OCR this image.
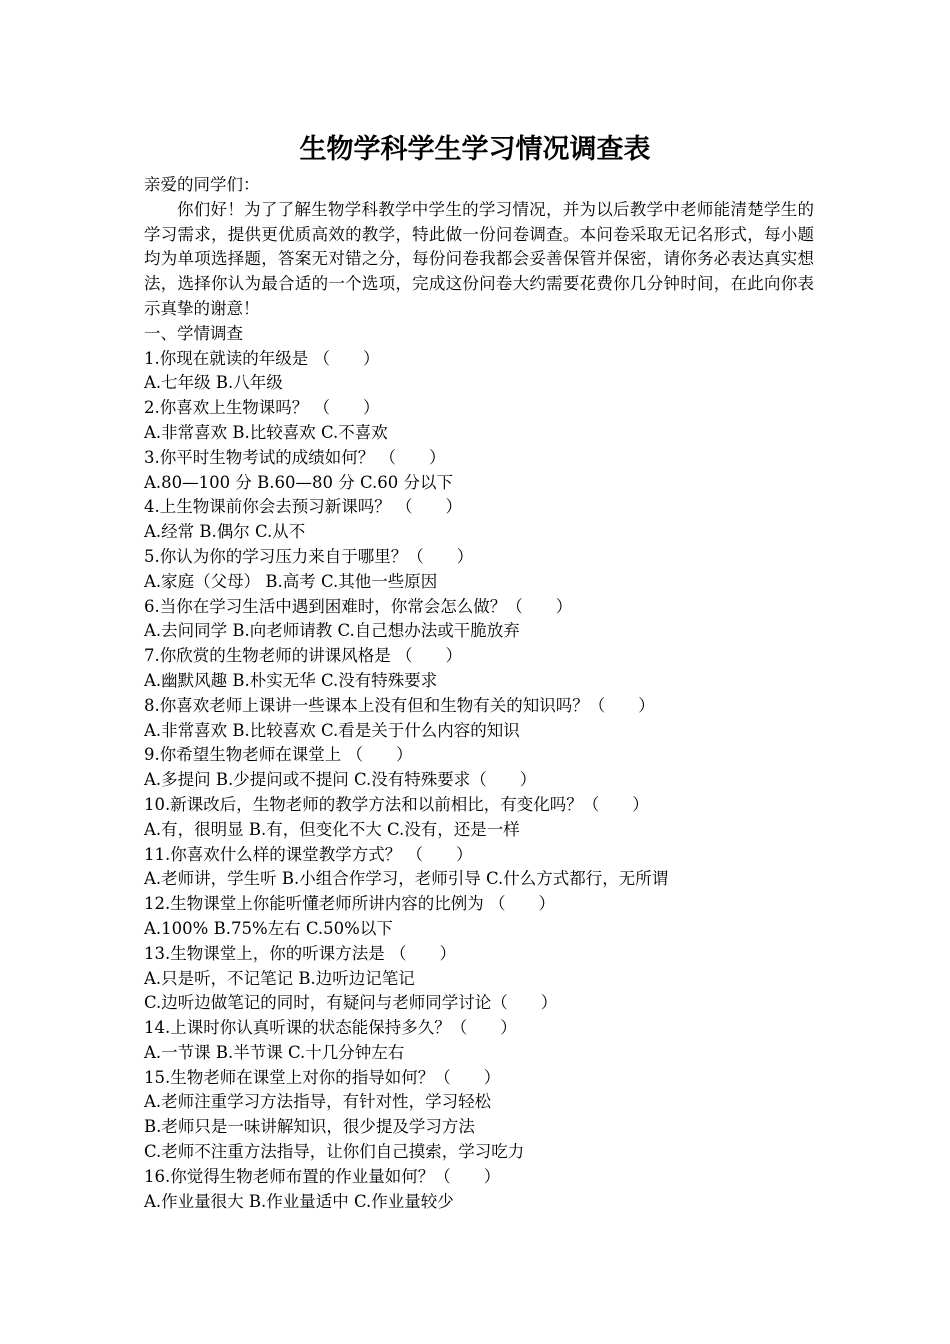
生物学科学生学习情况调查表
亲爱的同学们：
你们好！为了了解生物学科教学中学生的学习情况，并为以后教学中老师能清楚学生的学习需求，提供更优质高效的教学，特此做一份问卷调查。本问卷采取无记名形式，每小题均为单项选择题，答案无对错之分，每份问卷我都会妥善保管并保密，请你务必表达真实想法，选择你认为最合适的一个选项，完成这份问卷大约需要花费你几分钟时间，在此向你表示真挚的谢意！
一、学情调查
1.你现在就读的年级是 （　　）
A.七年级 B.八年级
2.你喜欢上生物课吗？ （　　）
A.非常喜欢 B.比较喜欢 C.不喜欢
3.你平时生物考试的成绩如何？ （　　）
A.80—100 分 B.60—80 分 C.60 分以下
4.上生物课前你会去预习新课吗？ （　　）
A.经常 B.偶尔 C.从不
5.你认为你的学习压力来自于哪里？（　　）
A.家庭（父母） B.高考 C.其他一些原因
6.当你在学习生活中遇到困难时，你常会怎么做？（　　）
A.去问同学 B.向老师请教 C.自己想办法或干脆放弃
7.你欣赏的生物老师的讲课风格是 （　　）
A.幽默风趣 B.朴实无华 C.没有特殊要求
8.你喜欢老师上课讲一些课本上没有但和生物有关的知识吗？（　　）
A.非常喜欢 B.比较喜欢 C.看是关于什么内容的知识
9.你希望生物老师在课堂上 （　　）
A.多提问 B.少提问或不提问 C.没有特殊要求（　　）
10.新课改后，生物老师的教学方法和以前相比，有变化吗？（　　）
A.有，很明显 B.有，但变化不大 C.没有，还是一样
11.你喜欢什么样的课堂教学方式？ （　　）
A.老师讲，学生听 B.小组合作学习，老师引导 C.什么方式都行，无所谓
12.生物课堂上你能听懂老师所讲内容的比例为 （　　）
A.100% B.75%左右 C.50%以下
13.生物课堂上，你的听课方法是 （　　）
A.只是听，不记笔记 B.边听边记笔记
C.边听边做笔记的同时，有疑问与老师同学讨论（　　）
14.上课时你认真听课的状态能保持多久？（　　）
A.一节课 B.半节课 C.十几分钟左右
15.生物老师在课堂上对你的指导如何？（　　）
A.老师注重学习方法指导，有针对性，学习轻松
B.老师只是一味讲解知识，很少提及学习方法
C.老师不注重方法指导，让你们自己摸索，学习吃力
16.你觉得生物老师布置的作业量如何？（　　）
A.作业量很大 B.作业量适中 C.作业量较少
